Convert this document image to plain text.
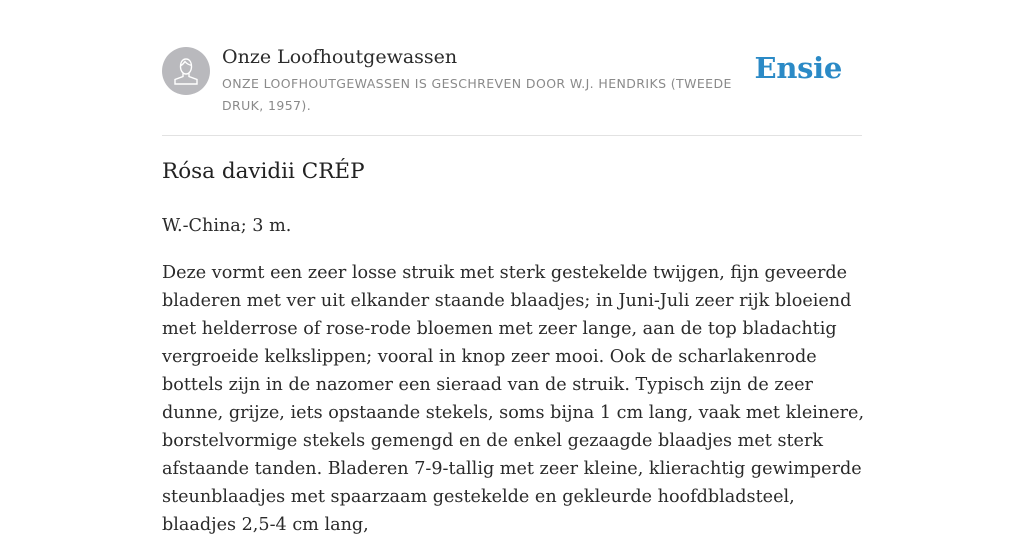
Onze Loofhoutgewassen
ONZE LOOFHOUTGEWASSEN IS GESCHREVEN DOOR W.J. HENDRIKS (TWEEDE DRUK, 1957).
Ensie
Rósa davidii CRÉP

W.-China; 3 m.

Deze vormt een zeer losse struik met sterk gestekelde twijgen, fijn geveerde bladeren met ver uit elkander staande blaadjes; in Juni-Juli zeer rijk bloeiend met helderrose of rose-rode bloemen met zeer lange, aan de top bladachtig vergroeide kelkslippen; vooral in knop zeer mooi. Ook de scharlakenrode bottels zijn in de nazomer een sieraad van de struik. Typisch zijn de zeer dunne, grijze, iets opstaande stekels, soms bijna 1 cm lang, vaak met kleinere, borstelvormige stekels gemengd en de enkel gezaagde blaadjes met sterk afstaande tanden. Bladeren 7-9-tallig met zeer kleine, klierachtig gewimperde steunblaadjes met spaarzaam gestekelde en gekleurde hoofdbladsteel, blaadjes 2,5-4 cm lang,
